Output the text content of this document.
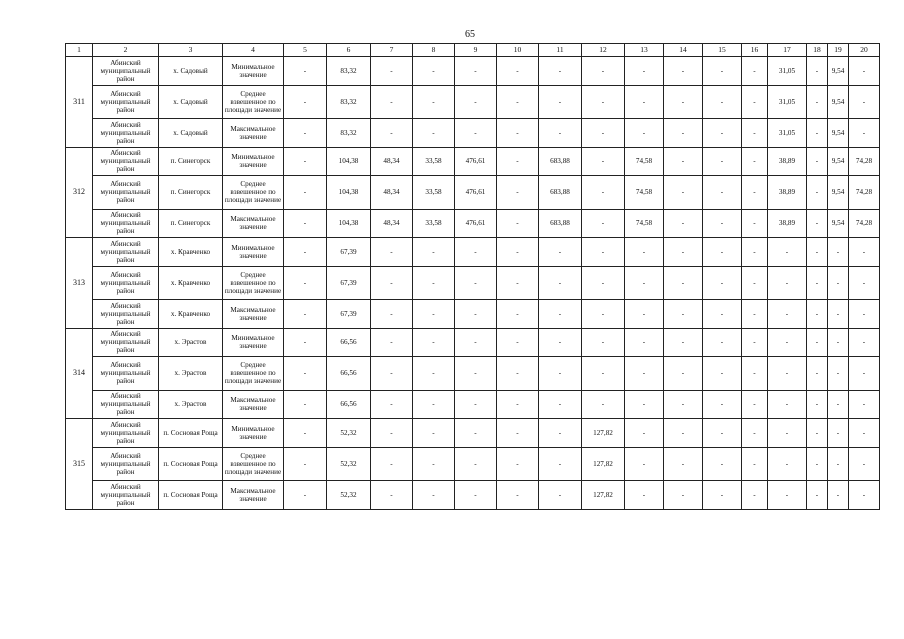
65
1	2	3	4	5	6	7	8	9	10	11	12	13	14	15	16	17	18	19	20
311	Абинский муниципальный район	х. Садовый	Минимальное значение	-	83,32	-	-	-	-	-	-	-	-	-	-	31,05	-	9,54	-
	Абинский муниципальный район	х. Садовый	Среднее взвешенное по площади значение	-	83,32	-	-	-	-	-	-	-	-	-	-	31,05	-	9,54	-
	Абинский муниципальный район	х. Садовый	Максимальное значение	-	83,32	-	-	-	-	-	-	-	-	-	-	31,05	-	9,54	-
312	Абинский муниципальный район	п. Синегорск	Минимальное значение	-	104,38	48,34	33,58	476,61	-	683,88	-	74,58	-	-	-	38,89	-	9,54	74,28
	Абинский муниципальный район	п. Синегорск	Среднее взвешенное по площади значение	-	104,38	48,34	33,58	476,61	-	683,88	-	74,58	-	-	-	38,89	-	9,54	74,28
	Абинский муниципальный район	п. Синегорск	Максимальное значение	-	104,38	48,34	33,58	476,61	-	683,88	-	74,58	-	-	-	38,89	-	9,54	74,28
313	Абинский муниципальный район	х. Кравченко	Минимальное значение	-	67,39	-	-	-	-	-	-	-	-	-	-	-	-	-	-
	Абинский муниципальный район	х. Кравченко	Среднее взвешенное по площади значение	-	67,39	-	-	-	-	-	-	-	-	-	-	-	-	-	-
	Абинский муниципальный район	х. Кравченко	Максимальное значение	-	67,39	-	-	-	-	-	-	-	-	-	-	-	-	-	-
314	Абинский муниципальный район	х. Эрастов	Минимальное значение	-	66,56	-	-	-	-	-	-	-	-	-	-	-	-	-	-
	Абинский муниципальный район	х. Эрастов	Среднее взвешенное по площади значение	-	66,56	-	-	-	-	-	-	-	-	-	-	-	-	-	-
	Абинский муниципальный район	х. Эрастов	Максимальное значение	-	66,56	-	-	-	-	-	-	-	-	-	-	-	-	-	-
315	Абинский муниципальный район	п. Сосновая Роща	Минимальное значение	-	52,32	-	-	-	-	-	127,82	-	-	-	-	-	-	-	-
	Абинский муниципальный район	п. Сосновая Роща	Среднее взвешенное по площади значение	-	52,32	-	-	-	-	-	127,82	-	-	-	-	-	-	-	-
	Абинский муниципальный район	п. Сосновая Роща	Максимальное значение	-	52,32	-	-	-	-	-	127,82	-	-	-	-	-	-	-	-
